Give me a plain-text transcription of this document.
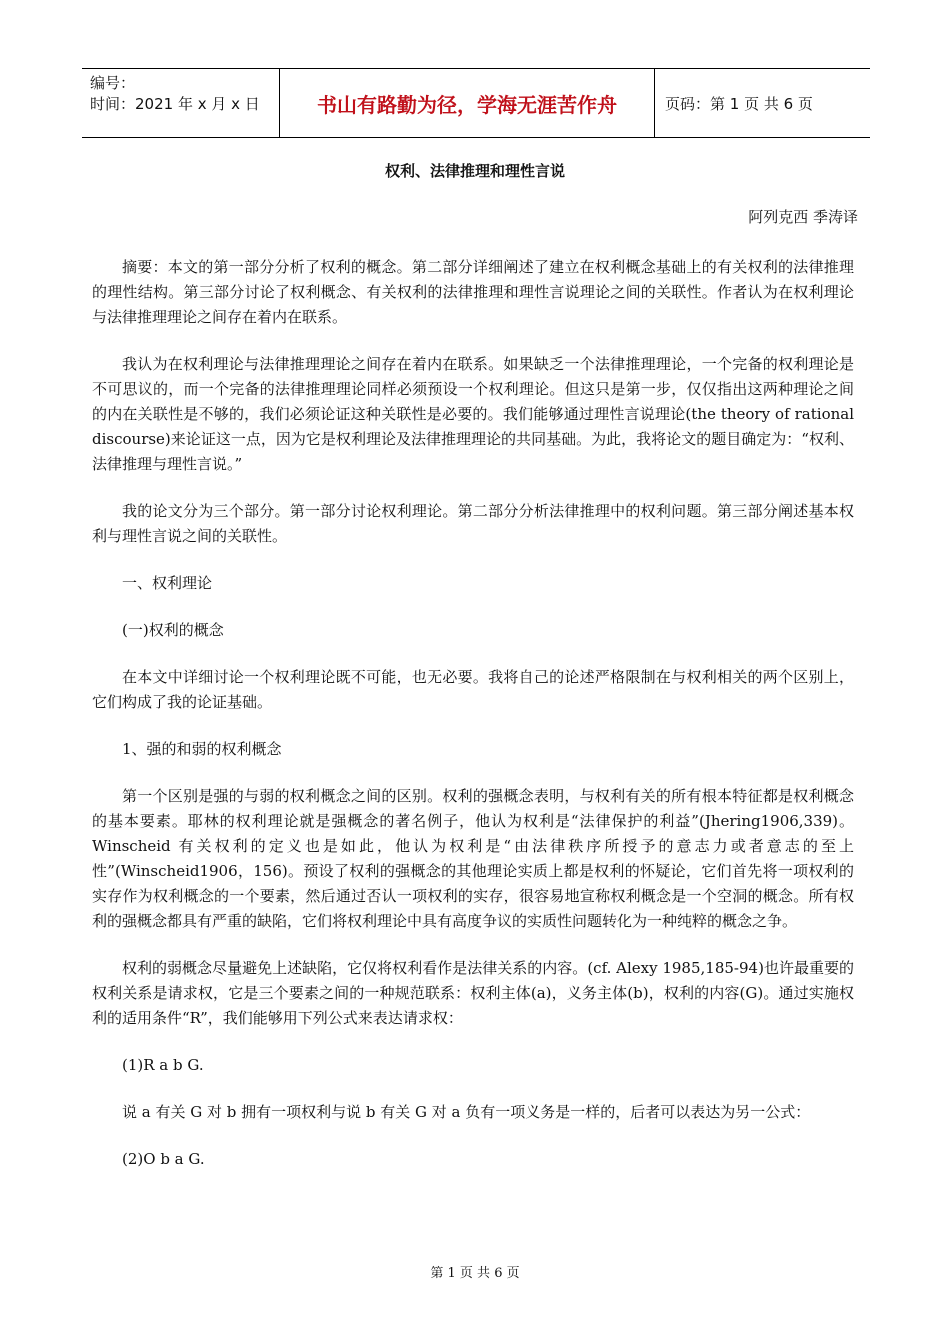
编号：
时间：2021 年 x 月 x 日	书山有路勤为径，学海无涯苦作舟	页码：第 1 页 共 6 页
权利、法律推理和理性言说
阿列克西 季涛译

摘要：本文的第一部分分析了权利的概念。第二部分详细阐述了建立在权利概念基础上的有关权利的法律推理的理性结构。第三部分讨论了权利概念、有关权利的法律推理和理性言说理论之间的关联性。作者认为在权利理论与法律推理理论之间存在着内在联系。

我认为在权利理论与法律推理理论之间存在着内在联系。如果缺乏一个法律推理理论，一个完备的权利理论是不可思议的，而一个完备的法律推理理论同样必须预设一个权利理论。但这只是第一步，仅仅指出这两种理论之间的内在关联性是不够的，我们必须论证这种关联性是必要的。我们能够通过理性言说理论(the theory of rational discourse)来论证这一点，因为它是权利理论及法律推理理论的共同基础。为此，我将论文的题目确定为：“权利、法律推理与理性言说。”

我的论文分为三个部分。第一部分讨论权利理论。第二部分分析法律推理中的权利问题。第三部分阐述基本权利与理性言说之间的关联性。

一、权利理论

(一)权利的概念

在本文中详细讨论一个权利理论既不可能，也无必要。我将自己的论述严格限制在与权利相关的两个区别上，它们构成了我的论证基础。

1、强的和弱的权利概念

第一个区别是强的与弱的权利概念之间的区别。权利的强概念表明，与权利有关的所有根本特征都是权利概念的基本要素。耶林的权利理论就是强概念的著名例子，他认为权利是“法律保护的利益”(Jhering1906,339)。Winscheid 有关权利的定义也是如此，他认为权利是“由法律秩序所授予的意志力或者意志的至上性”(Winscheid1906，156)。预设了权利的强概念的其他理论实质上都是权利的怀疑论，它们首先将一项权利的实存作为权利概念的一个要素，然后通过否认一项权利的实存，很容易地宣称权利概念是一个空洞的概念。所有权利的强概念都具有严重的缺陷，它们将权利理论中具有高度争议的实质性问题转化为一种纯粹的概念之争。

权利的弱概念尽量避免上述缺陷，它仅将权利看作是法律关系的内容。(cf. Alexy 1985,185-94)也许最重要的权利关系是请求权，它是三个要素之间的一种规范联系：权利主体(a)，义务主体(b)，权利的内容(G)。通过实施权利的适用条件“R”，我们能够用下列公式来表达请求权：

(1)R a b G.

说 a 有关 G 对 b 拥有一项权利与说 b 有关 G 对 a 负有一项义务是一样的，后者可以表达为另一公式：

(2)O b a G.

第 1 页 共 6 页
